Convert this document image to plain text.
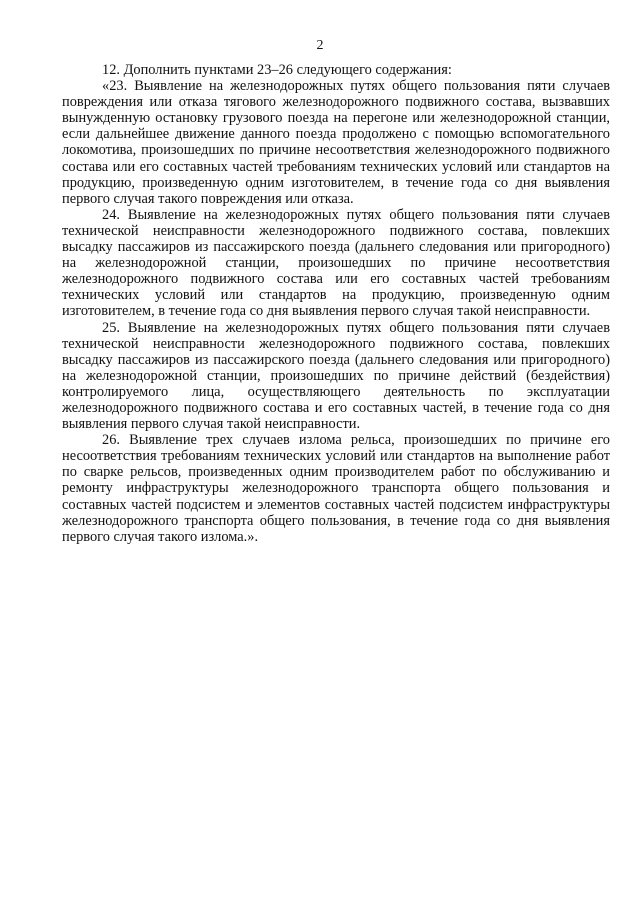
2

12. Дополнить пунктами 23–26 следующего содержания:

«23. Выявление на железнодорожных путях общего пользования пяти случаев повреждения или отказа тягового железнодорожного подвижного состава, вызвавших вынужденную остановку грузового поезда на перегоне или железнодорожной станции, если дальнейшее движение данного поезда продолжено с помощью вспомогательного локомотива, произошедших по причине несоответствия железнодорожного подвижного состава или его составных частей требованиям технических условий или стандартов на продукцию, произведенную одним изготовителем, в течение года со дня выявления первого случая такого повреждения или отказа.

24. Выявление на железнодорожных путях общего пользования пяти случаев технической неисправности железнодорожного подвижного состава, повлекших высадку пассажиров из пассажирского поезда (дальнего следования или пригородного) на железнодорожной станции, произошедших по причине несоответствия железнодорожного подвижного состава или его составных частей требованиям технических условий или стандартов на продукцию, произведенную одним изготовителем, в течение года со дня выявления первого случая такой неисправности.

25. Выявление на железнодорожных путях общего пользования пяти случаев технической неисправности железнодорожного подвижного состава, повлекших высадку пассажиров из пассажирского поезда (дальнего следования или пригородного) на железнодорожной станции, произошедших по причине действий (бездействия) контролируемого лица, осуществляющего деятельность по эксплуатации железнодорожного подвижного состава и его составных частей, в течение года со дня выявления первого случая такой неисправности.

26. Выявление трех случаев излома рельса, произошедших по причине его несоответствия требованиям технических условий или стандартов на выполнение работ по сварке рельсов, произведенных одним производителем работ по обслуживанию и ремонту инфраструктуры железнодорожного транспорта общего пользования и составных частей подсистем и элементов составных частей подсистем инфраструктуры железнодорожного транспорта общего пользования, в течение года со дня выявления первого случая такого излома.».
